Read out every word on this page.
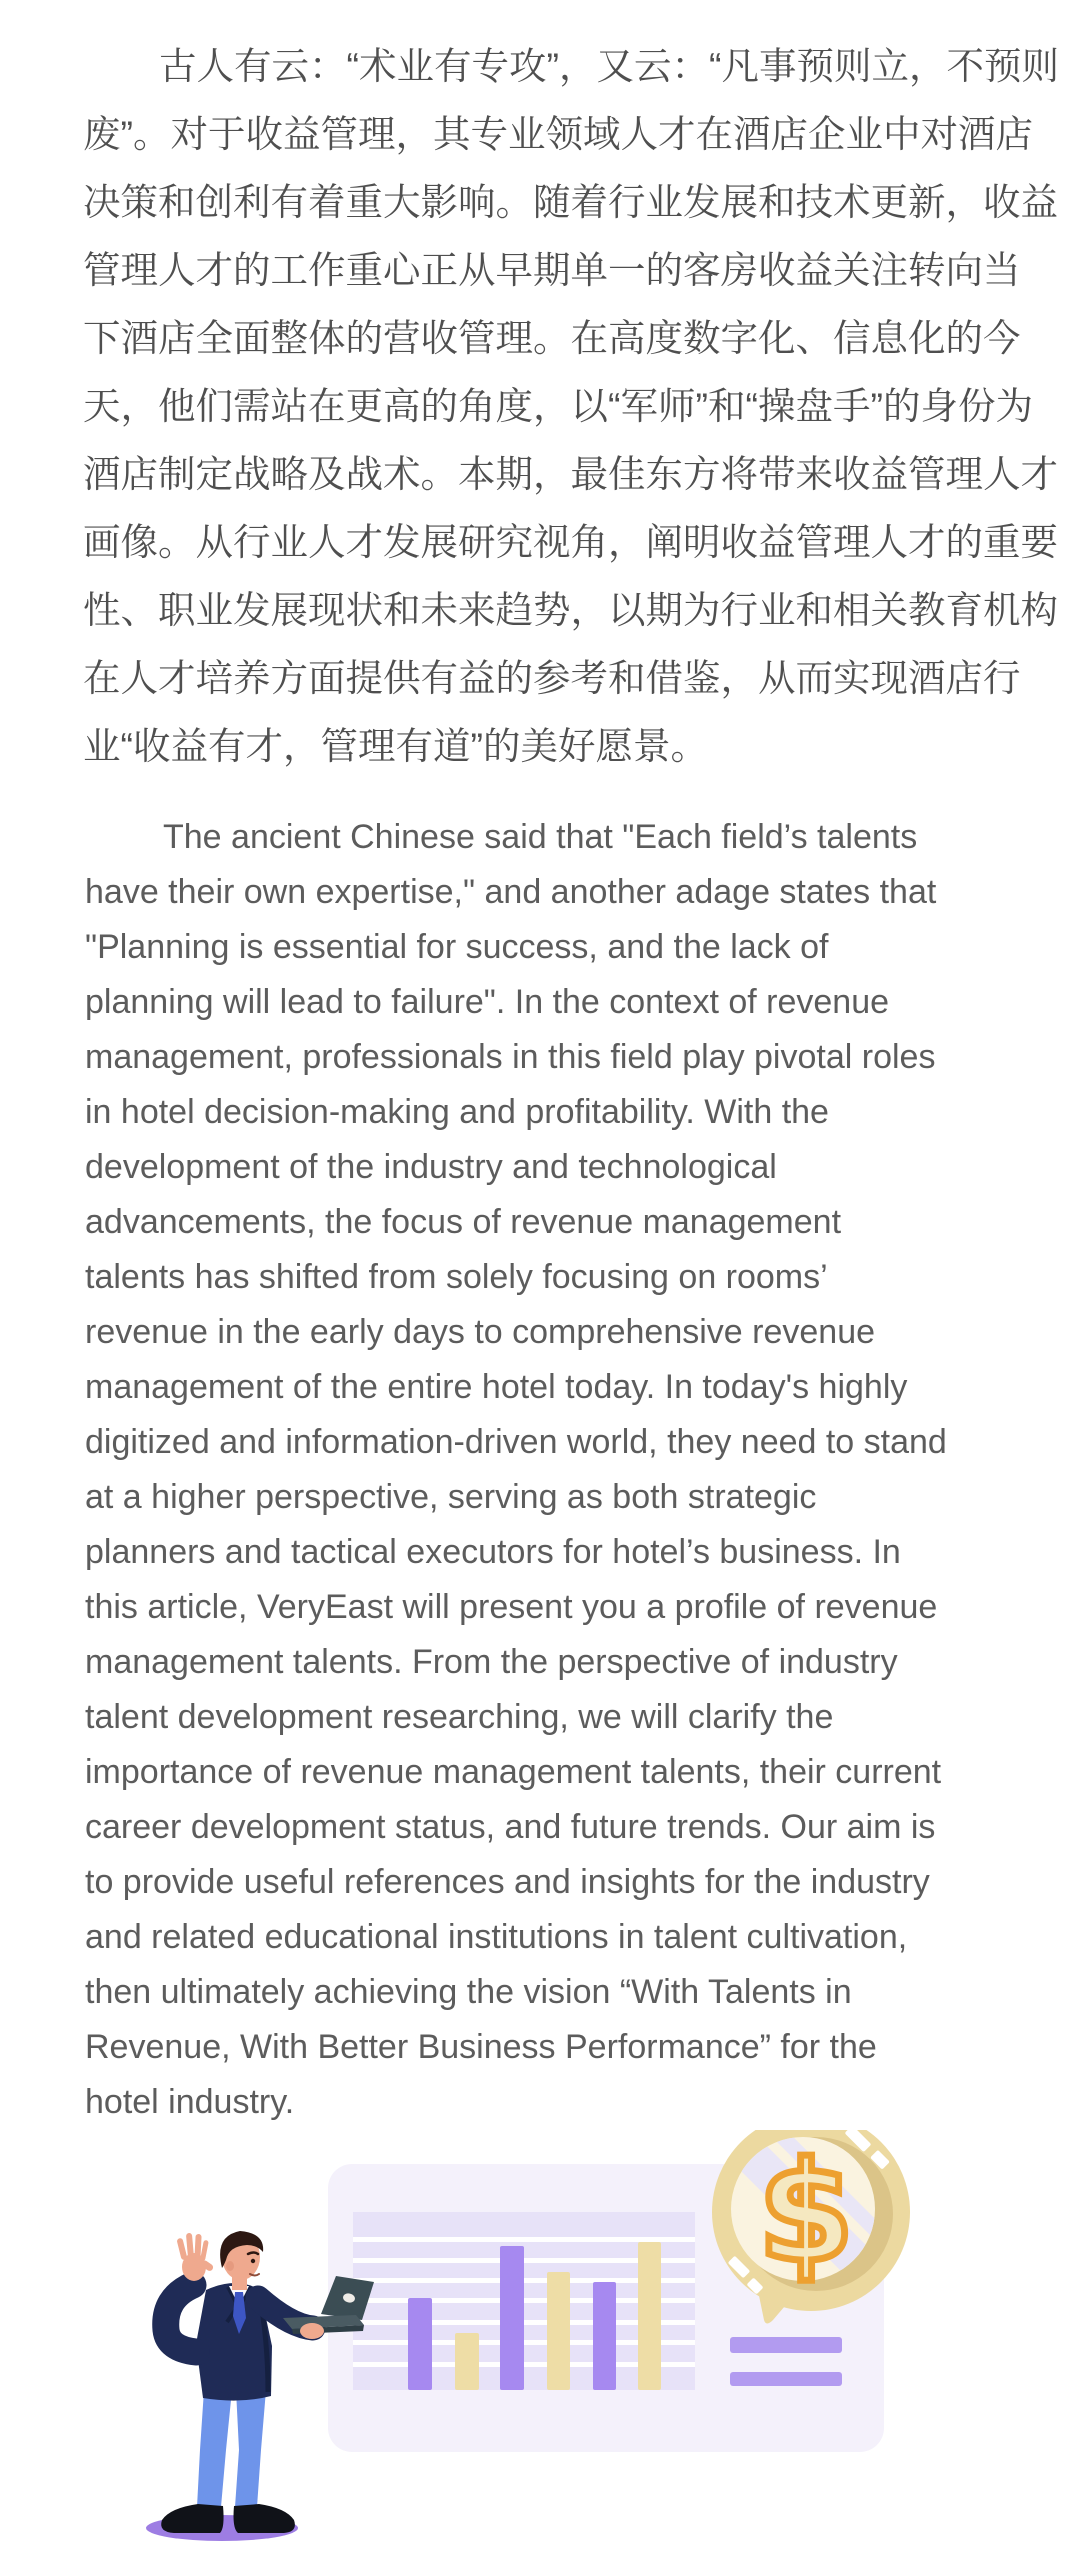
古人有云：“术业有专攻”，又云：“凡事预则立，不预则
废”。对于收益管理，其专业领域人才在酒店企业中对酒店
决策和创利有着重大影响。随着行业发展和技术更新，收益
管理人才的工作重心正从早期单一的客房收益关注转向当
下酒店全面整体的营收管理。在高度数字化、信息化的今
天，他们需站在更高的角度，以“军师”和“操盘手”的身份为
酒店制定战略及战术。本期，最佳东方将带来收益管理人才
画像。从行业人才发展研究视角，阐明收益管理人才的重要
性、职业发展现状和未来趋势，以期为行业和相关教育机构
在人才培养方面提供有益的参考和借鉴，从而实现酒店行
业“收益有才，管理有道”的美好愿景。
The ancient Chinese said that "Each field’s talents
have their own expertise," and another adage states that
"Planning is essential for success, and the lack of
planning will lead to failure". In the context of revenue
management, professionals in this field play pivotal roles
in hotel decision-making and profitability. With the
development of the industry and technological
advancements, the focus of revenue management
talents has shifted from solely focusing on rooms’
revenue in the early days to comprehensive revenue
management of the entire hotel today. In today's highly
digitized and information-driven world, they need to stand
at a higher perspective, serving as both strategic
planners and tactical executors for hotel’s business. In
this article, VeryEast will present you a profile of revenue
management talents. From the perspective of industry
talent development researching, we will clarify the
importance of revenue management talents, their current
career development status, and future trends. Our aim is
to provide useful references and insights for the industry
and related educational institutions in talent cultivation,
then ultimately achieving the vision “With Talents in
Revenue, With Better Business Performance” for the
hotel industry.
$
